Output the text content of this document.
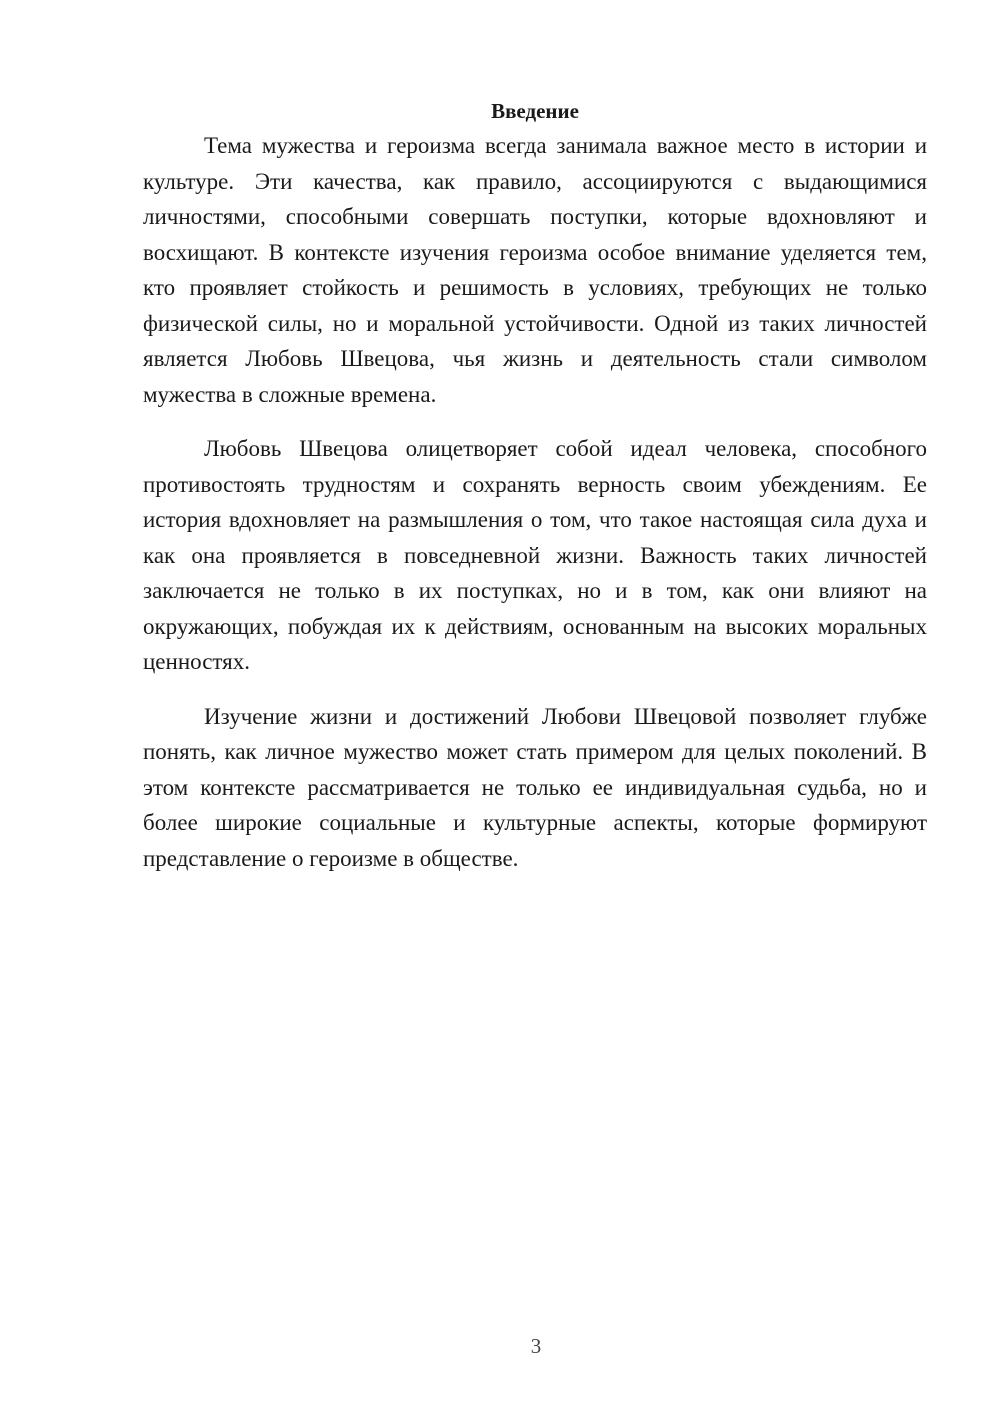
Введение

Тема мужества и героизма всегда занимала важное место в истории и культуре. Эти качества, как правило, ассоциируются с выдающимися личностями, способными совершать поступки, которые вдохновляют и восхищают. В контексте изучения героизма особое внимание уделяется тем, кто проявляет стойкость и решимость в условиях, требующих не только физической силы, но и моральной устойчивости. Одной из таких личностей является Любовь Швецова, чья жизнь и деятельность стали символом мужества в сложные времена.

Любовь Швецова олицетворяет собой идеал человека, способного противостоять трудностям и сохранять верность своим убеждениям. Ее история вдохновляет на размышления о том, что такое настоящая сила духа и как она проявляется в повседневной жизни. Важность таких личностей заключается не только в их поступках, но и в том, как они влияют на окружающих, побуждая их к действиям, основанным на высоких моральных ценностях.

Изучение жизни и достижений Любови Швецовой позволяет глубже понять, как личное мужество может стать примером для целых поколений. В этом контексте рассматривается не только ее индивидуальная судьба, но и более широкие социальные и культурные аспекты, которые формируют представление о героизме в обществе.

3
